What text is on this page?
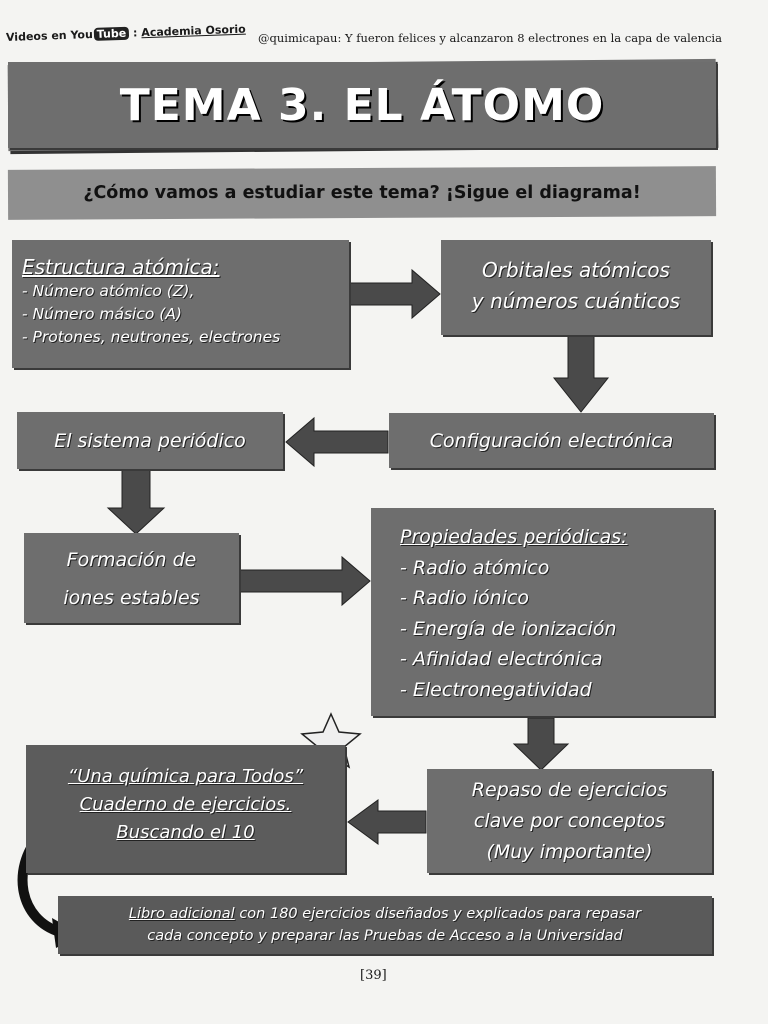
Videos en You Tube : Academia Osorio @quimicapau: Y fueron felices y alcanzaron 8 electrones en la capa de valencia
TEMA 3. EL ÁTOMO
¿Cómo vamos a estudiar este tema? ¡Sigue el diagrama!
Estructura atómica:
- Número atómico (Z),
- Número másico (A)
- Protones, neutrones, electrones
Orbitales atómicos
y números cuánticos
El sistema periódico	Configuración electrónica
Formación de
iones estables
Propiedades periódicas:
- Radio atómico
- Radio iónico
- Energía de ionización
- Afinidad electrónica
- Electronegatividad
“Una química para Todos”
Cuaderno de ejercicios.
Buscando el 10
Repaso de ejercicios
clave por conceptos
(Muy importante)
Libro adicional con 180 ejercicios diseñados y explicados para repasar
cada concepto y preparar las Pruebas de Acceso a la Universidad
[39]
